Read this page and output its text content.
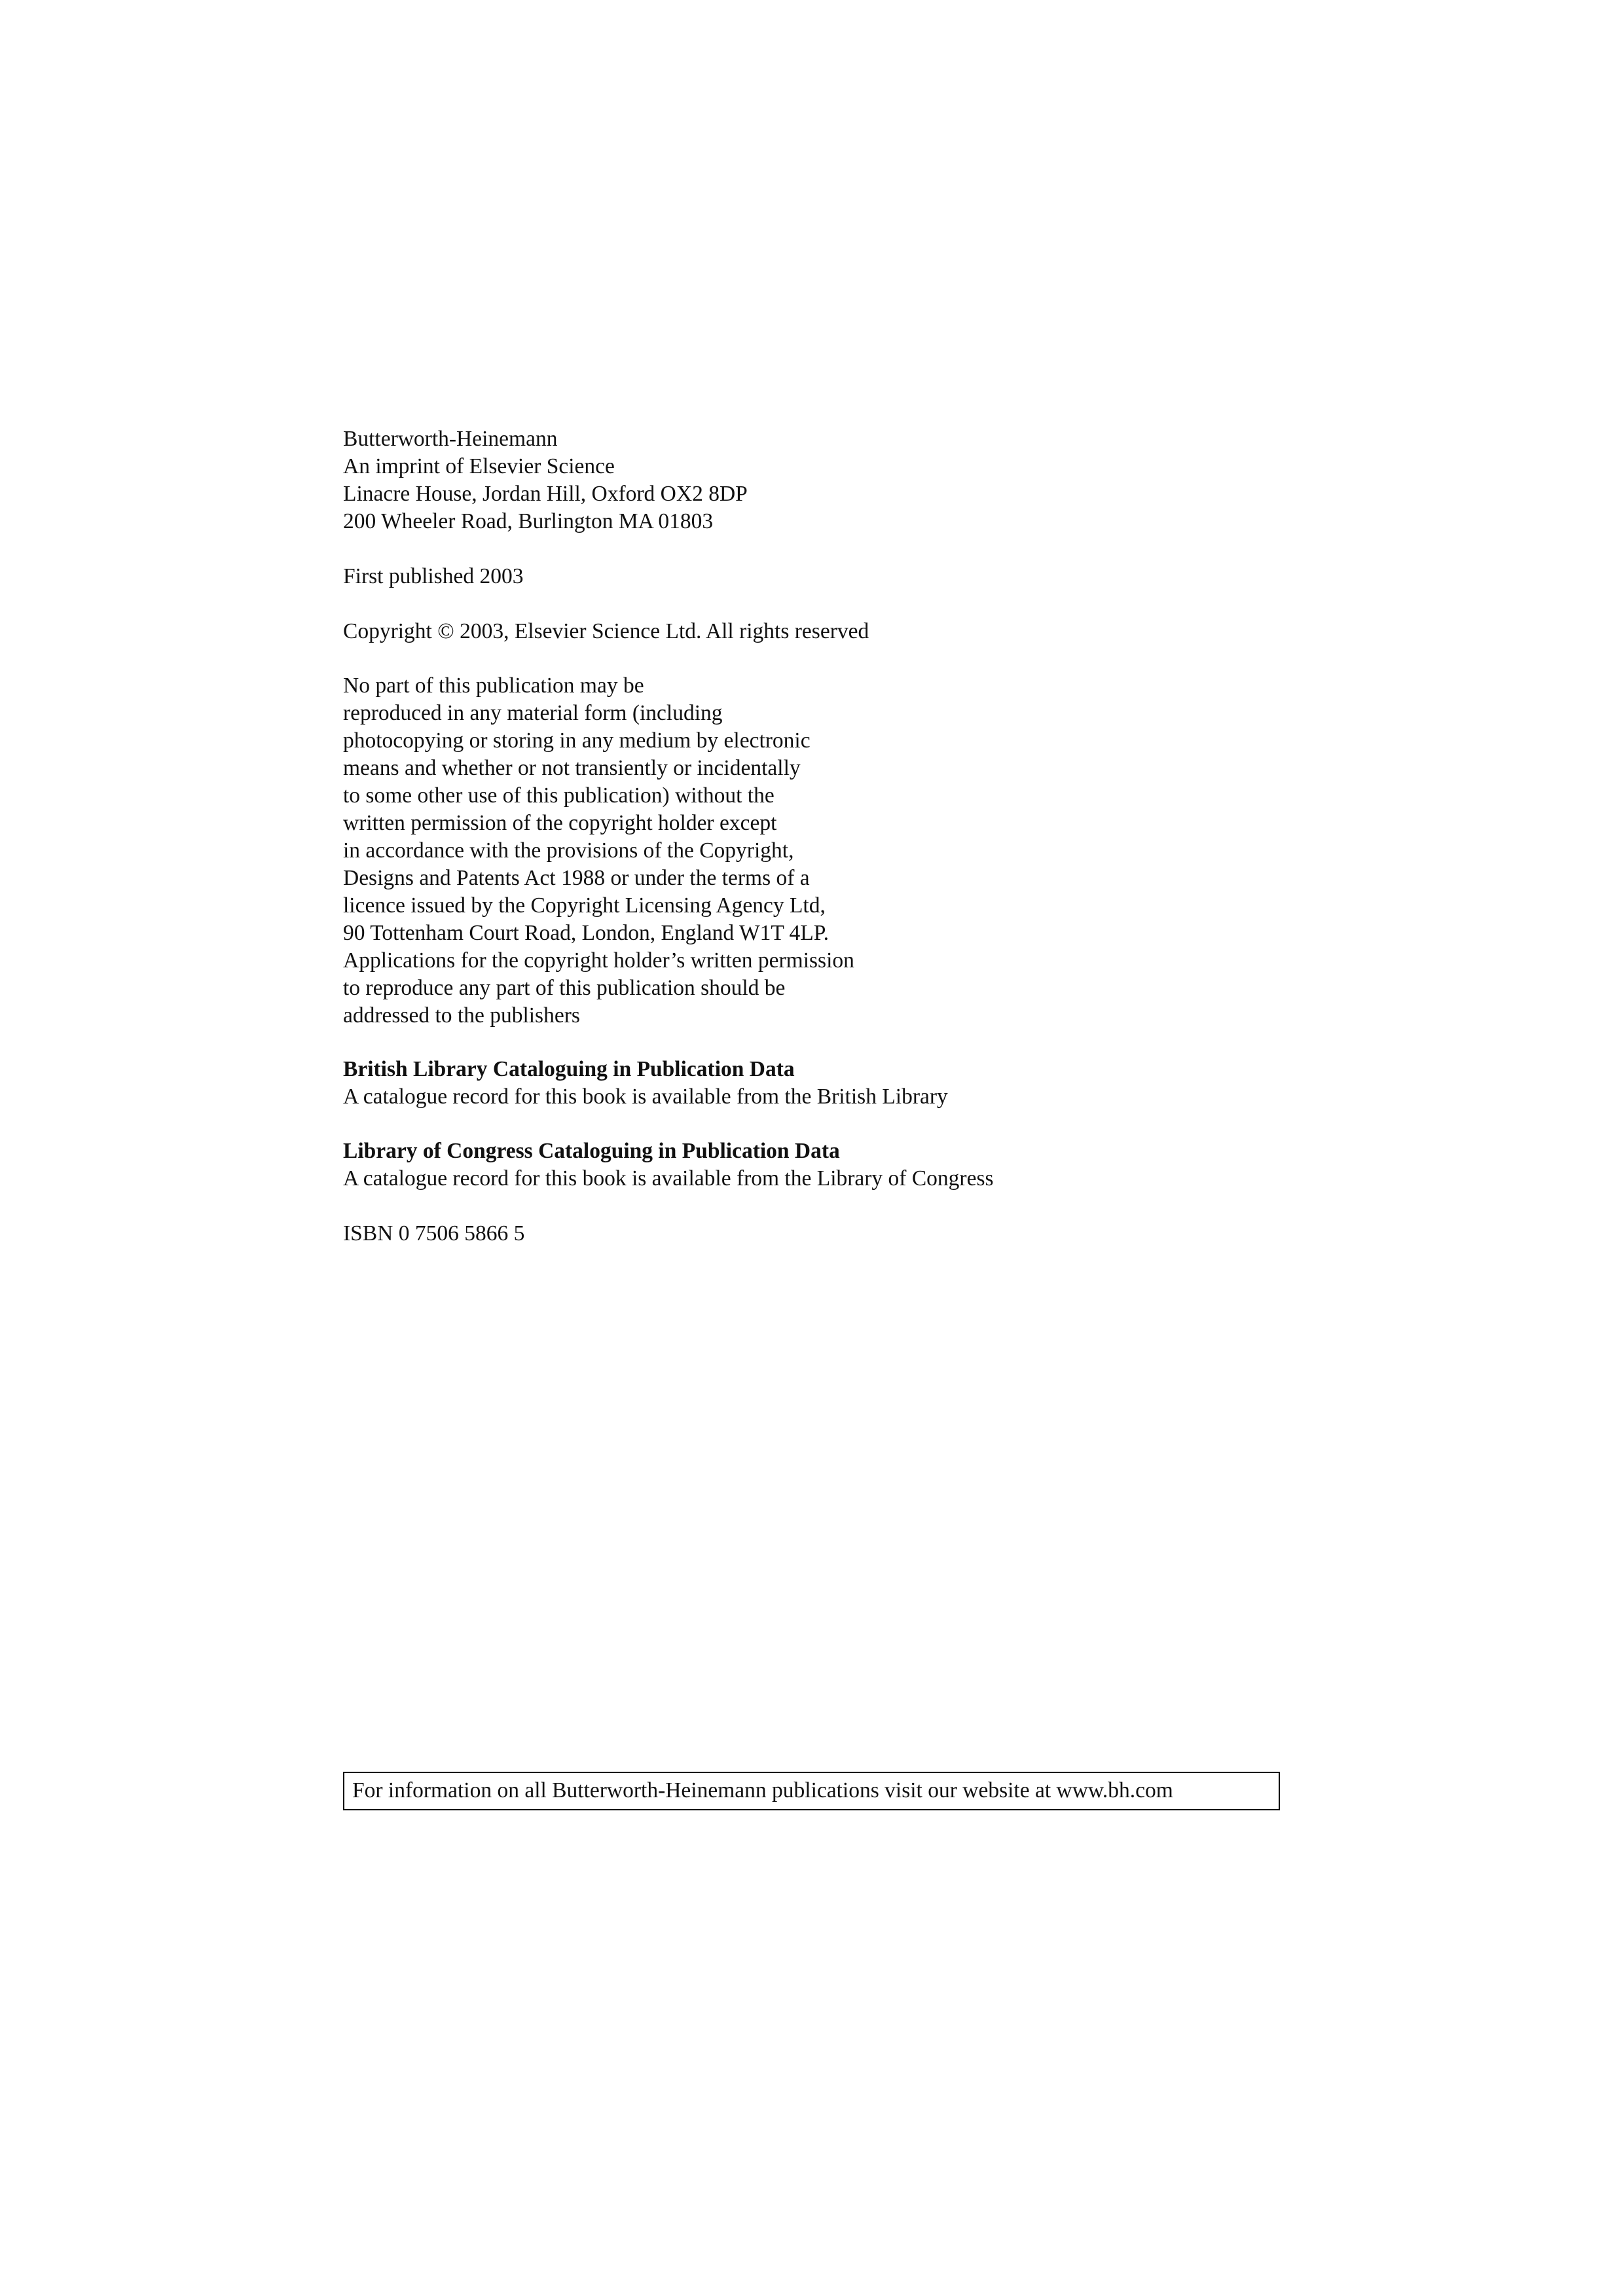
Butterworth-Heinemann
An imprint of Elsevier Science
Linacre House, Jordan Hill, Oxford OX2 8DP
200 Wheeler Road, Burlington MA 01803
First published 2003
Copyright © 2003, Elsevier Science Ltd. All rights reserved
No part of this publication may be
reproduced in any material form (including
photocopying or storing in any medium by electronic
means and whether or not transiently or incidentally
to some other use of this publication) without the
written permission of the copyright holder except
in accordance with the provisions of the Copyright,
Designs and Patents Act 1988 or under the terms of a
licence issued by the Copyright Licensing Agency Ltd,
90 Tottenham Court Road, London, England W1T 4LP.
Applications for the copyright holder’s written permission
to reproduce any part of this publication should be
addressed to the publishers
British Library Cataloguing in Publication Data
A catalogue record for this book is available from the British Library
Library of Congress Cataloguing in Publication Data
A catalogue record for this book is available from the Library of Congress
ISBN 0 7506 5866 5
For information on all Butterworth-Heinemann publications visit our website at www.bh.com
